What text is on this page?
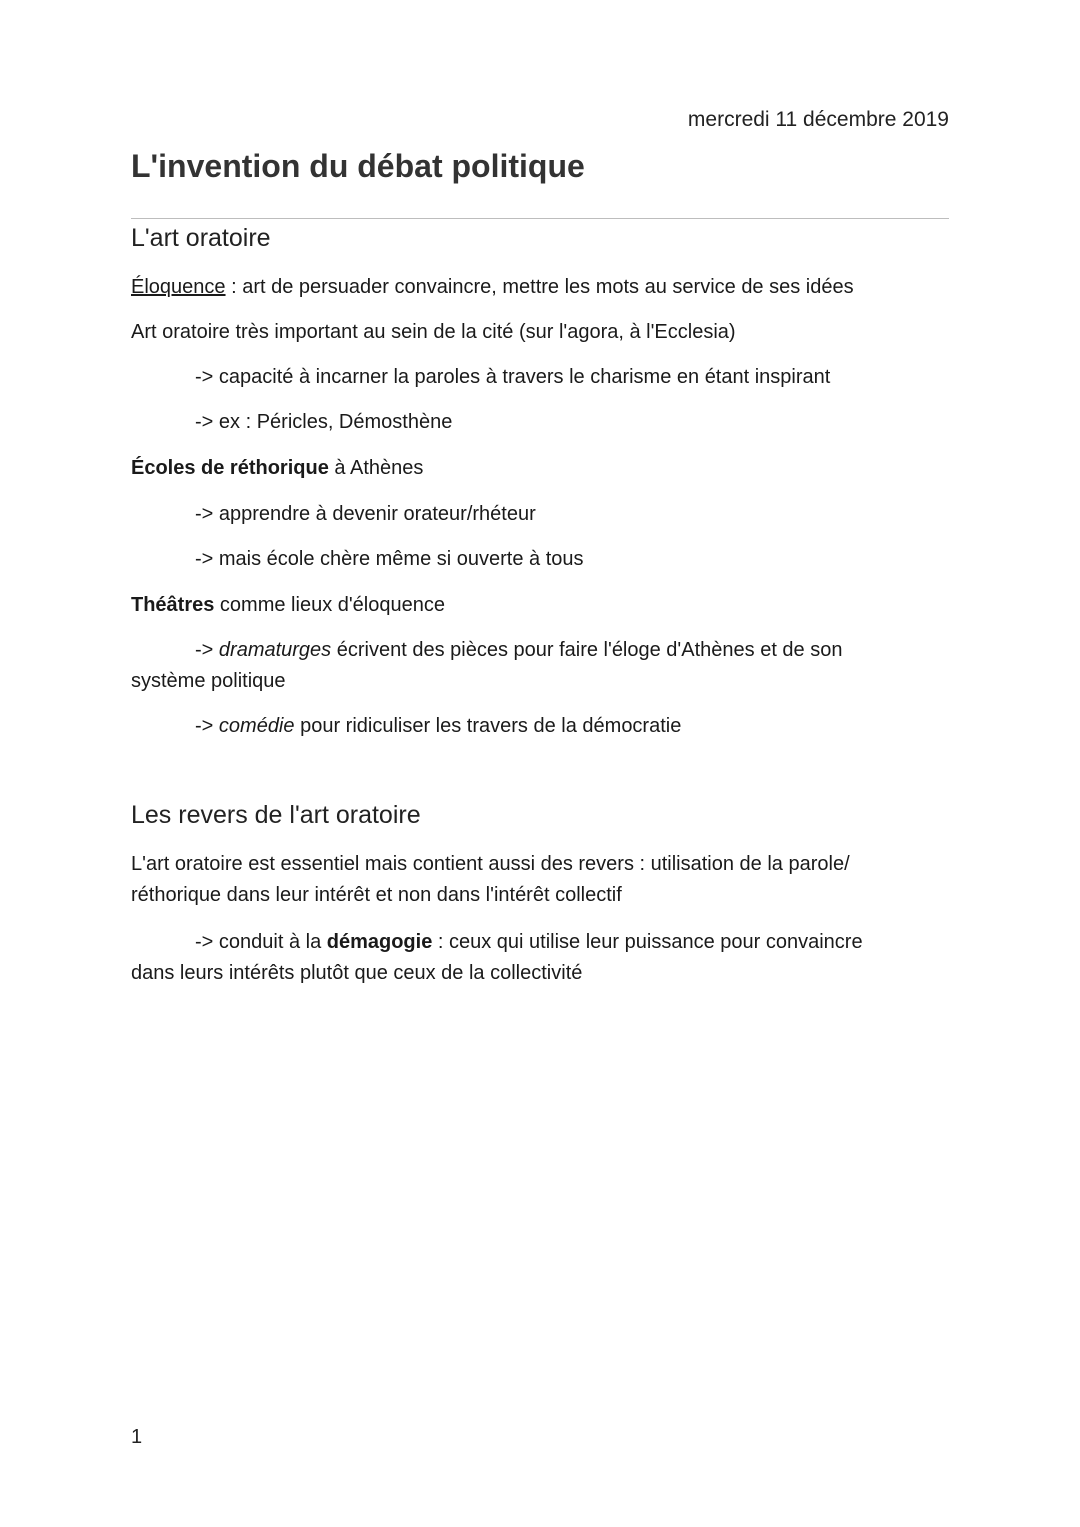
mercredi 11 décembre 2019
L'invention du débat politique
L'art oratoire

Éloquence : art de persuader convaincre, mettre les mots au service de ses idées

Art oratoire très important au sein de la cité (sur l'agora, à l'Ecclesia)

-> capacité à incarner la paroles à travers le charisme en étant inspirant

-> ex : Péricles, Démosthène

Écoles de réthorique à Athènes

-> apprendre à devenir orateur/rhéteur

-> mais école chère même si ouverte à tous

Théâtres comme lieux d'éloquence

-> dramaturges écrivent des pièces pour faire l'éloge d'Athènes et de son
système politique

-> comédie pour ridiculiser les travers de la démocratie

Les revers de l'art oratoire

L'art oratoire est essentiel mais contient aussi des revers : utilisation de la parole/
réthorique dans leur intérêt et non dans l'intérêt collectif

-> conduit à la démagogie : ceux qui utilise leur puissance pour convaincre
dans leurs intérêts plutôt que ceux de la collectivité

1
